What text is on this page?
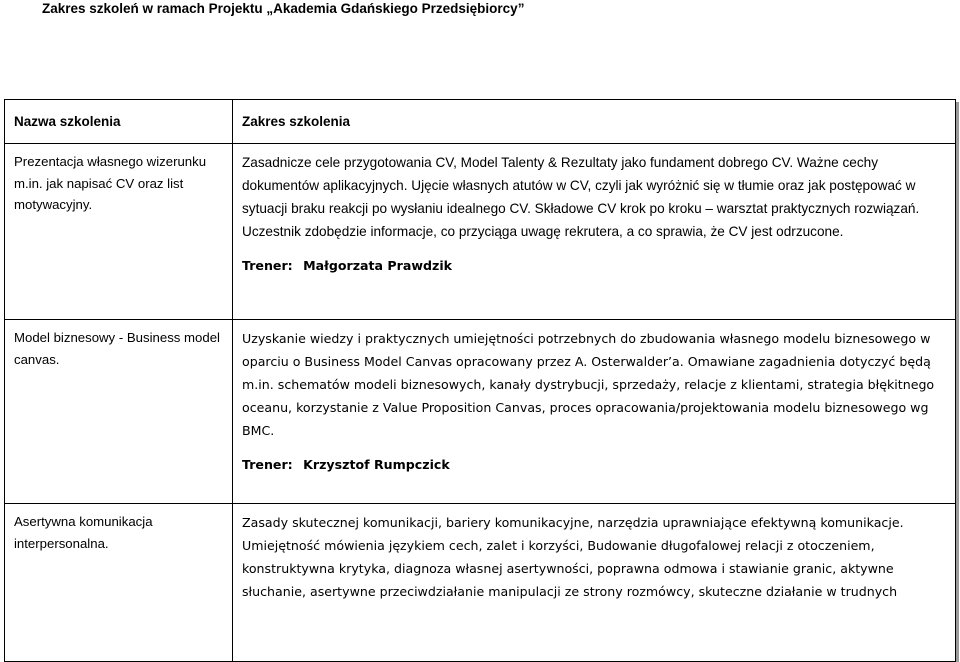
Zakres szkoleń w ramach Projektu „Akademia Gdańskiego Przedsiębiorcy”
Nazwa szkolenia	Zakres szkolenia
Prezentacja własnego wizerunku m.in. jak napisać CV oraz list motywacyjny.	Zasadnicze cele przygotowania CV, Model Talenty & Rezultaty jako fundament dobrego CV. Ważne cechy dokumentów aplikacyjnych. Ujęcie własnych atutów w CV, czyli jak wyróżnić się w tłumie oraz jak postępować w sytuacji braku reakcji po wysłaniu idealnego CV. Składowe CV krok po kroku – warsztat praktycznych rozwiązań. Uczestnik zdobędzie informacje, co przyciąga uwagę rekrutera, a co sprawia, że CV jest odrzucone.
Trener: Małgorzata Prawdzik

Model biznesowy - Business model canvas.	Uzyskanie wiedzy i praktycznych umiejętności potrzebnych do zbudowania własnego modelu biznesowego w oparciu o Business Model Canvas opracowany przez A. Osterwalder’a. Omawiane zagadnienia dotyczyć będą m.in. schematów modeli biznesowych, kanały dystrybucji, sprzedaży, relacje z klientami, strategia błękitnego oceanu, korzystanie z Value Proposition Canvas, proces opracowania/projektowania modelu biznesowego wg BMC.
Trener: Krzysztof Rumpczick

Asertywna komunikacja interpersonalna.	Zasady skutecznej komunikacji, bariery komunikacyjne, narzędzia uprawniające efektywną komunikacje. Umiejętność mówienia językiem cech, zalet i korzyści, Budowanie długofalowej relacji z otoczeniem, konstruktywna krytyka, diagnoza własnej asertywności, poprawna odmowa i stawianie granic, aktywne słuchanie, asertywne przeciwdziałanie manipulacji ze strony rozmówcy, skuteczne działanie w trudnych
